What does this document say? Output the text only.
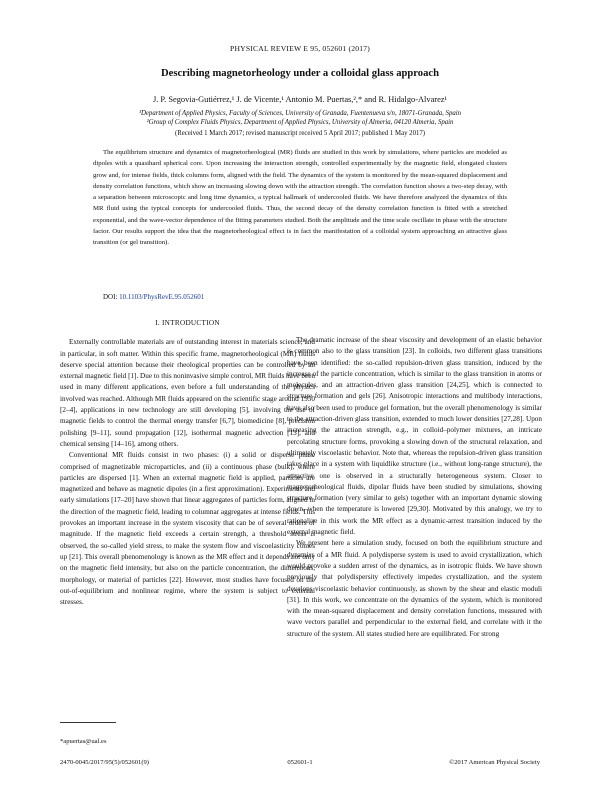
PHYSICAL REVIEW E 95, 052601 (2017)
Describing magnetorheology under a colloidal glass approach
J. P. Segovia-Gutiérrez,¹ J. de Vicente,¹ Antonio M. Puertas,²,* and R. Hidalgo-Alvarez¹
¹Department of Applied Physics, Faculty of Sciences, University of Granada, Fuentenueva s/n, 18071-Granada, Spain
²Group of Complex Fluids Physics, Department of Applied Physics, University of Almeria, 04120 Almeria, Spain
(Received 1 March 2017; revised manuscript received 5 April 2017; published 1 May 2017)
The equilibrium structure and dynamics of magnetorheological (MR) fluids are studied in this work by simulations, where particles are modeled as dipoles with a quasihard spherical core. Upon increasing the interaction strength, controlled experimentally by the magnetic field, elongated clusters grow and, for intense fields, thick columns form, aligned with the field. The dynamics of the system is monitored by the mean-squared displacement and density correlation functions, which show an increasing slowing down with the attraction strength. The correlation function shows a two-step decay, with a separation between microscopic and long time dynamics, a typical hallmark of undercooled fluids. We have therefore analyzed the dynamics of this MR fluid using the typical concepts for undercooled fluids. Thus, the second decay of the density correlation function is fitted with a stretched exponential, and the wave-vector dependence of the fitting parameters studied. Both the amplitude and the time scale oscillate in phase with the structure factor. Our results support the idea that the magnetorheological effect is in fact the manifestation of a colloidal system approaching an attractive glass transition (or gel transition).
DOI: 10.1103/PhysRevE.95.052601
I. INTRODUCTION

Externally controllable materials are of outstanding interest in materials science, and in particular, in soft matter. Within this specific frame, magnetorheological (MR) fluids deserve special attention because their rheological properties can be controlled by an external magnetic field [1]. Due to this noninvasive simple control, MR fluids have been used in many different applications, even before a full understanding of the physics involved was reached. Although MR fluids appeared on the scientific stage around 1950 [2–4], applications in new technology are still developing [5], involving the use of magnetic fields to control the thermal energy transfer [6,7], biomedicine [8], precision polishing [9–11], sound propagation [12], isothermal magnetic advection [13], and chemical sensing [14–16], among others.

Conventional MR fluids consist in two phases: (i) a solid or disperse phase comprised of magnetizable microparticles, and (ii) a continuous phase (bulk), where particles are dispersed [1]. When an external magnetic field is applied, particles are magnetized and behave as magnetic dipoles (in a first approximation). Experiments and early simulations [17–20] have shown that linear aggregates of particles form, aligned in the direction of the magnetic field, leading to columnar aggregates at intense fields. This provokes an important increase in the system viscosity that can be of several orders of magnitude. If the magnetic field exceeds a certain strength, a threshold stress is observed, the so-called yield stress, to make the system flow and viscoelasticity comes up [21]. This overall phenomenology is known as the MR effect and it depends not only on the magnetic field intensity, but also on the particle concentration, the dimensions, morphology, or material of particles [22]. However, most studies have focused on the out-of-equilibrium and nonlinear regime, where the system is subject to external stresses.

The dramatic increase of the shear viscosity and development of an elastic behavior is common also to the glass transition [23]. In colloids, two different glass transitions have been identified: the so-called repulsion-driven glass transition, induced by the increase of the particle concentration, which is similar to the glass transition in atoms or molecules, and an attraction-driven glass transition [24,25], which is connected to structure formation and gels [26]. Anisotropic interactions and multibody interactions, have also been used to produce gel formation, but the overall phenomenology is similar to the attraction-driven glass transition, extended to much lower densities [27,28]. Upon increasing the attraction strength, e.g., in colloid–polymer mixtures, an intricate percolating structure forms, provoking a slowing down of the structural relaxation, and ultimately viscoelastic behavior. Note that, whereas the repulsion-driven glass transition takes place in a system with liquidlike structure (i.e., without long-range structure), the attractive one is observed in a structurally heterogeneous system. Closer to magnetorheological fluids, dipolar fluids have been studied by simulations, showing structure formation (very similar to gels) together with an important dynamic slowing down, when the temperature is lowered [29,30]. Motivated by this analogy, we try to rationalize in this work the MR effect as a dynamic-arrest transition induced by the external magnetic field.

We present here a simulation study, focused on both the equilibrium structure and dynamics of a MR fluid. A polydisperse system is used to avoid crystallization, which would provoke a sudden arrest of the dynamics, as in isotropic fluids. We have shown previously that polydispersity effectively impedes crystallization, and the system develops viscoelastic behavior continuously, as shown by the shear and elastic moduli [31]. In this work, we concentrate on the dynamics of the system, which is monitored with the mean-squared displacement and density correlation functions, measured with wave vectors parallel and perpendicular to the external field, and correlate with it the structure of the system. All states studied here are equilibrated. For strong

*apuertas@ual.es
2470-0045/2017/95(5)/052601(9)	052601-1	©2017 American Physical Society
